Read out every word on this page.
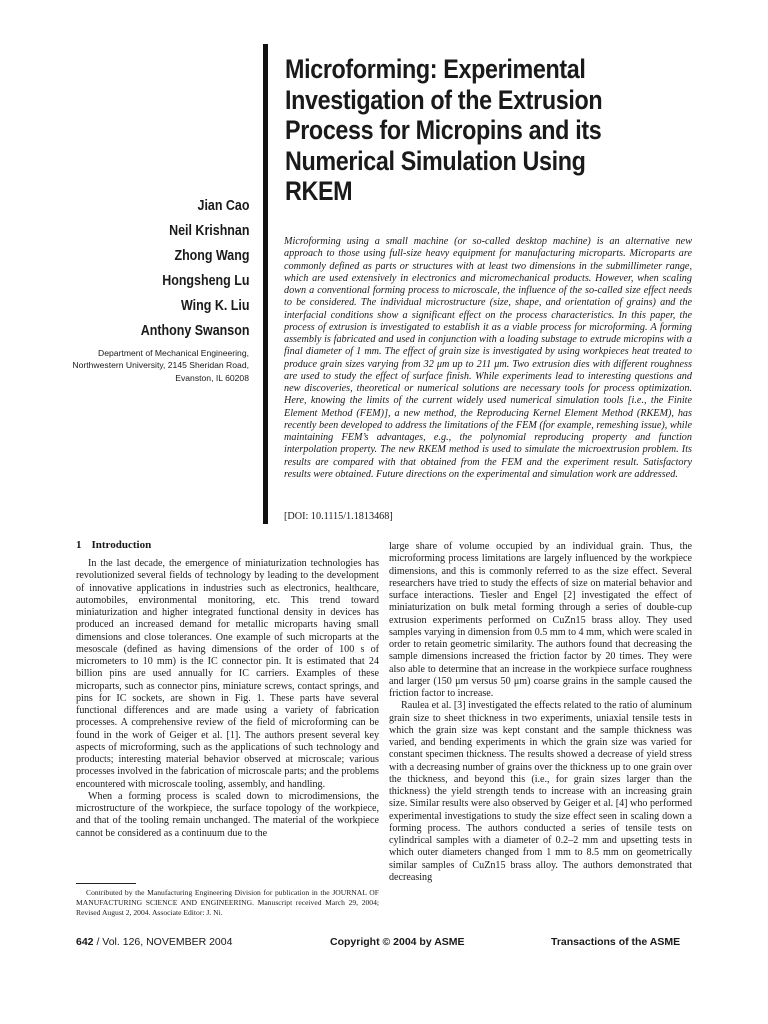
Microforming: Experimental
Investigation of the Extrusion
Process for Micropins and its
Numerical Simulation Using
RKEM
Jian Cao
Neil Krishnan
Zhong Wang
Hongsheng Lu
Wing K. Liu
Anthony Swanson
Department of Mechanical Engineering,
Northwestern University, 2145 Sheridan Road,
Evanston, IL 60208
Microforming using a small machine (or so-called desktop machine) is an alternative new approach to those using full-size heavy equipment for manufacturing microparts. Microparts are commonly defined as parts or structures with at least two dimensions in the submillimeter range, which are used extensively in electronics and micromechanical products. However, when scaling down a conventional forming process to microscale, the influence of the so-called size effect needs to be considered. The individual microstructure (size, shape, and orientation of grains) and the interfacial conditions show a significant effect on the process characteristics. In this paper, the process of extrusion is investigated to establish it as a viable process for microforming. A forming assembly is fabricated and used in conjunction with a loading substage to extrude micropins with a final diameter of 1 mm. The effect of grain size is investigated by using workpieces heat treated to produce grain sizes varying from 32 μm up to 211 μm. Two extrusion dies with different roughness are used to study the effect of surface finish. While experiments lead to interesting questions and new discoveries, theoretical or numerical solutions are necessary tools for process optimization. Here, knowing the limits of the current widely used numerical simulation tools [i.e., the Finite Element Method (FEM)], a new method, the Reproducing Kernel Element Method (RKEM), has recently been developed to address the limitations of the FEM (for example, remeshing issue), while maintaining FEM’s advantages, e.g., the polynomial reproducing property and function interpolation property. The new RKEM method is used to simulate the microextrusion problem. Its results are compared with that obtained from the FEM and the experiment result. Satisfactory results were obtained. Future directions on the experimental and simulation work are addressed.
[DOI: 10.1115/1.1813468]
1 Introduction

In the last decade, the emergence of miniaturization technologies has revolutionized several fields of technology by leading to the development of innovative applications in industries such as electronics, healthcare, automobiles, environmental monitoring, etc. This trend toward miniaturization and higher integrated functional density in devices has produced an increased demand for metallic microparts having small dimensions and close tolerances. One example of such microparts at the mesoscale (defined as having dimensions of the order of 100 s of micrometers to 10 mm) is the IC connector pin. It is estimated that 24 billion pins are used annually for IC carriers. Examples of these microparts, such as connector pins, miniature screws, contact springs, and pins for IC sockets, are shown in Fig. 1. These parts have several functional differences and are made using a variety of fabrication processes. A comprehensive review of the field of microforming can be found in the work of Geiger et al. [1]. The authors present several key aspects of microforming, such as the applications of such technology and products; interesting material behavior observed at microscale; various processes involved in the fabrication of microscale parts; and the problems encountered with microscale tooling, assembly, and handling.

When a forming process is scaled down to microdimensions, the microstructure of the workpiece, the surface topology of the workpiece, and that of the tooling remain unchanged. The material of the workpiece cannot be considered as a continuum due to the

large share of volume occupied by an individual grain. Thus, the microforming process limitations are largely influenced by the workpiece dimensions, and this is commonly referred to as the size effect. Several researchers have tried to study the effects of size on material behavior and surface interactions. Tiesler and Engel [2] investigated the effect of miniaturization on bulk metal forming through a series of double-cup extrusion experiments performed on CuZn15 brass alloy. They used samples varying in dimension from 0.5 mm to 4 mm, which were scaled in order to retain geometric similarity. The authors found that decreasing the sample dimensions increased the friction factor by 20 times. They were also able to determine that an increase in the workpiece surface roughness and larger (150 μm versus 50 μm) coarse grains in the sample caused the friction factor to increase.

Raulea et al. [3] investigated the effects related to the ratio of aluminum grain size to sheet thickness in two experiments, uniaxial tensile tests in which the grain size was kept constant and the sample thickness was varied, and bending experiments in which the grain size was varied for constant specimen thickness. The results showed a decrease of yield stress with a decreasing number of grains over the thickness up to one grain over the thickness, and beyond this (i.e., for grain sizes larger than the thickness) the yield strength tends to increase with an increasing grain size. Similar results were also observed by Geiger et al. [4] who performed experimental investigations to study the size effect seen in scaling down a forming process. The authors conducted a series of tensile tests on cylindrical samples with a diameter of 0.2–2 mm and upsetting tests in which outer diameters changed from 1 mm to 8.5 mm on geometrically similar samples of CuZn15 brass alloy. The authors demonstrated that decreasing

Contributed by the Manufacturing Engineering Division for publication in the JOURNAL OF MANUFACTURING SCIENCE AND ENGINEERING. Manuscript received March 29, 2004; Revised August 2, 2004. Associate Editor: J. Ni.

642 / Vol. 126, NOVEMBER 2004	Copyright © 2004 by ASME	Transactions of the ASME
